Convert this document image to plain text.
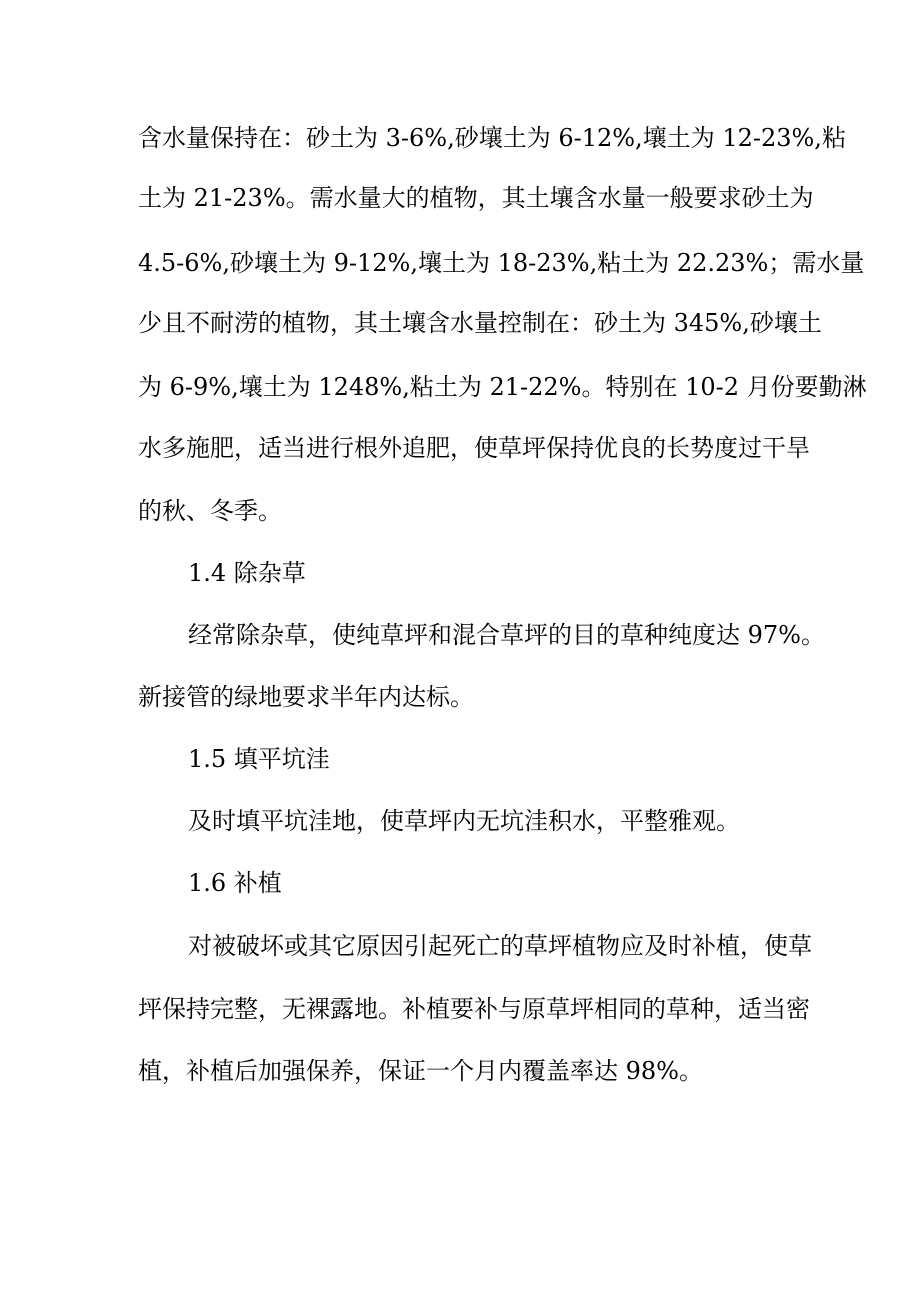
含水量保持在：砂土为 3-6%,砂壤土为 6-12%,壤土为 12-23%,粘
土为 21-23%。需水量大的植物，其土壤含水量一般要求砂土为
4.5-6%,砂壤土为 9-12%,壤土为 18-23%,粘土为 22.23%；需水量
少且不耐涝的植物，其土壤含水量控制在：砂土为 345%,砂壤土
为 6-9%,壤土为 1248%,粘土为 21-22%。特别在 10-2 月份要勤淋
水多施肥，适当进行根外追肥，使草坪保持优良的长势度过干旱
的秋、冬季。
1.4 除杂草
经常除杂草，使纯草坪和混合草坪的目的草种纯度达 97%。
新接管的绿地要求半年内达标。
1.5 填平坑洼
及时填平坑洼地，使草坪内无坑洼积水，平整雅观。
1.6 补植
对被破坏或其它原因引起死亡的草坪植物应及时补植，使草
坪保持完整，无裸露地。补植要补与原草坪相同的草种，适当密
植，补植后加强保养，保证一个月内覆盖率达 98%。
